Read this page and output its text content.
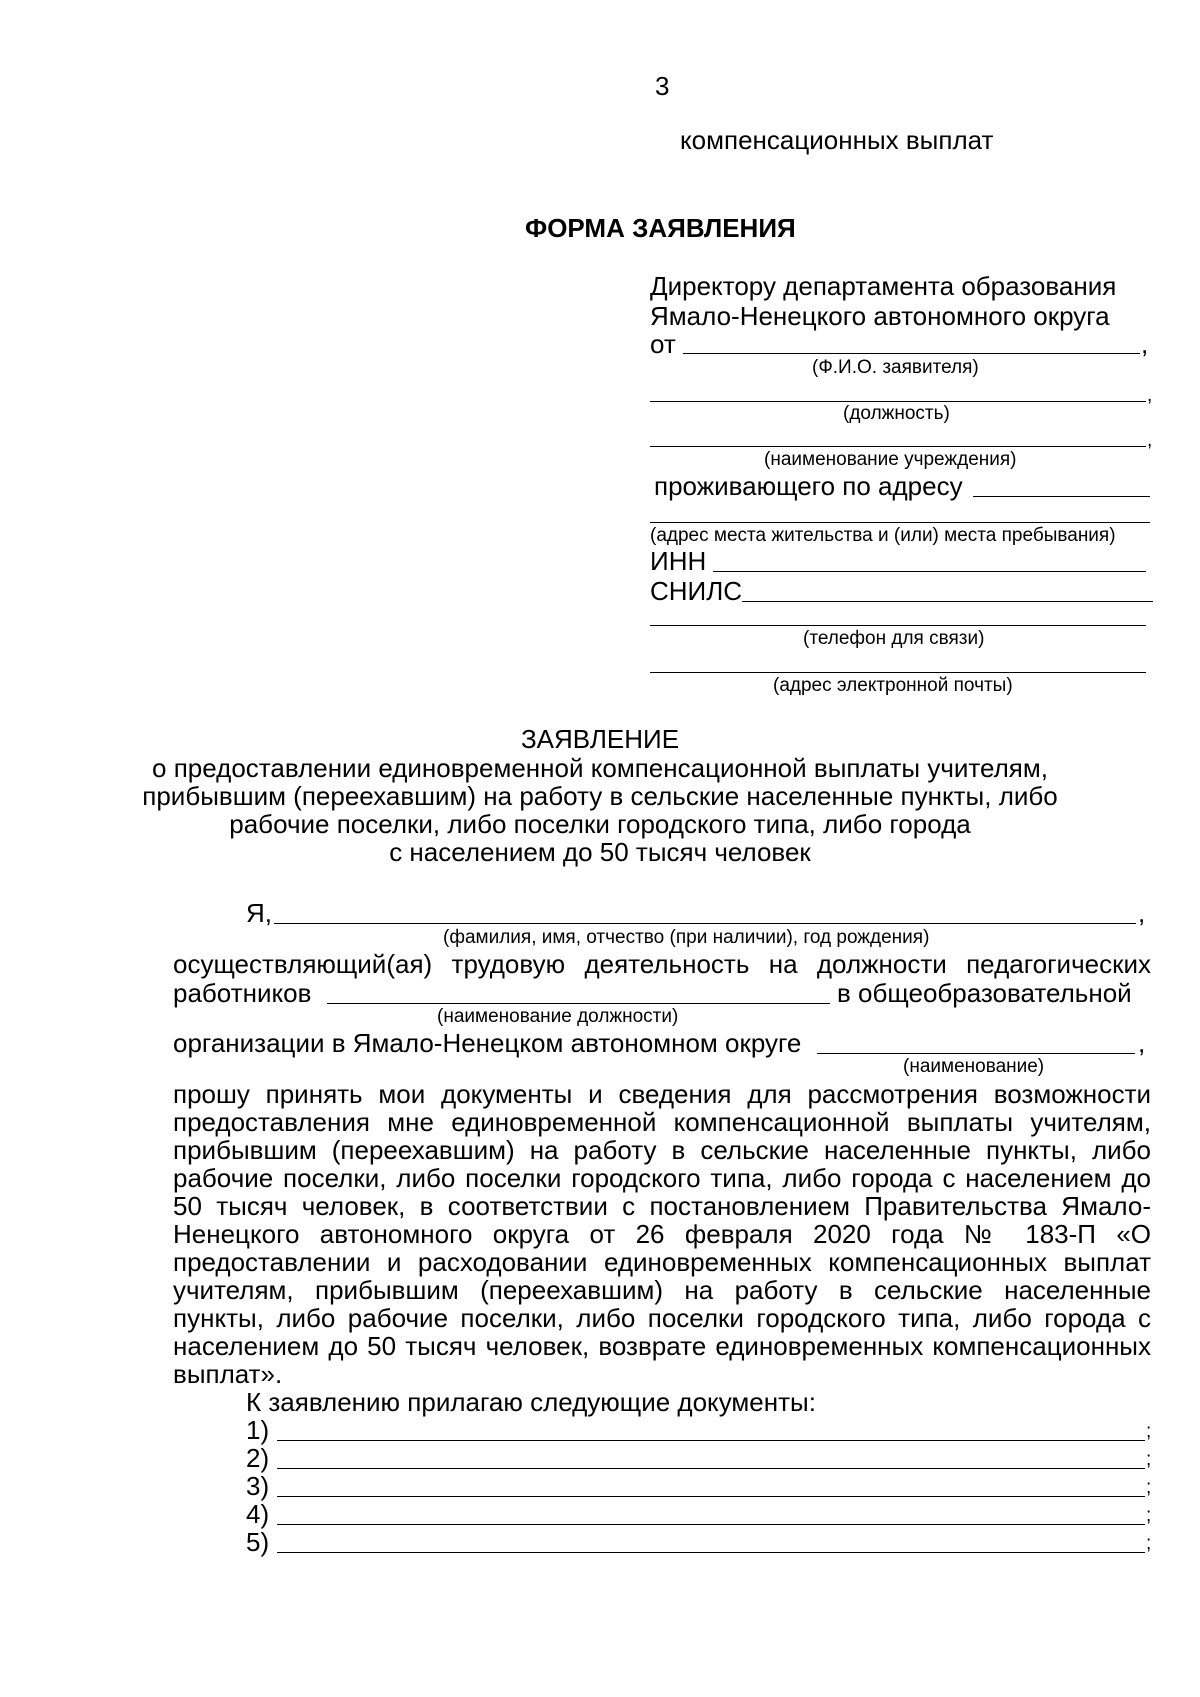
3
компенсационных выплат
ФОРМА ЗАЯВЛЕНИЯ
Директору департамента образования
Ямало-Ненецкого автономного округа
от	,
(Ф.И.О. заявителя)
,
(должность)
,
(наименование учреждения)
проживающего по адресу
(адрес места жительства и (или) места пребывания)
ИНН
СНИЛС
(телефон для связи)
(адрес электронной почты)
ЗАЯВЛЕНИЕ
о предоставлении единовременной компенсационной выплаты учителям,
прибывшим (переехавшим) на работу в сельские населенные пункты, либо
рабочие поселки, либо поселки городского типа, либо города
с населением до 50 тысяч человек
Я,	,
(фамилия, имя, отчество (при наличии), год рождения)
осуществляющий(ая) трудовую деятельность на должности педагогических
работников	в общеобразовательной
(наименование должности)
организации в Ямало-Ненецком автономном округе	,
(наименование)
прошу принять мои документы и сведения для рассмотрения возможности
предоставления мне единовременной компенсационной выплаты учителям,
прибывшим (переехавшим) на работу в сельские населенные пункты, либо
рабочие поселки, либо поселки городского типа, либо города с населением до
50 тысяч человек, в соответствии с постановлением Правительства Ямало-
Ненецкого автономного округа от 26 февраля 2020 года № 183-П «О
предоставлении и расходовании единовременных компенсационных выплат
учителям, прибывшим (переехавшим) на работу в сельские населенные
пункты, либо рабочие поселки, либо поселки городского типа, либо города с
населением до 50 тысяч человек, возврате единовременных компенсационных
выплат».
К заявлению прилагаю следующие документы:
1)	;
2)	;
3)	;
4)	;
5)	;
